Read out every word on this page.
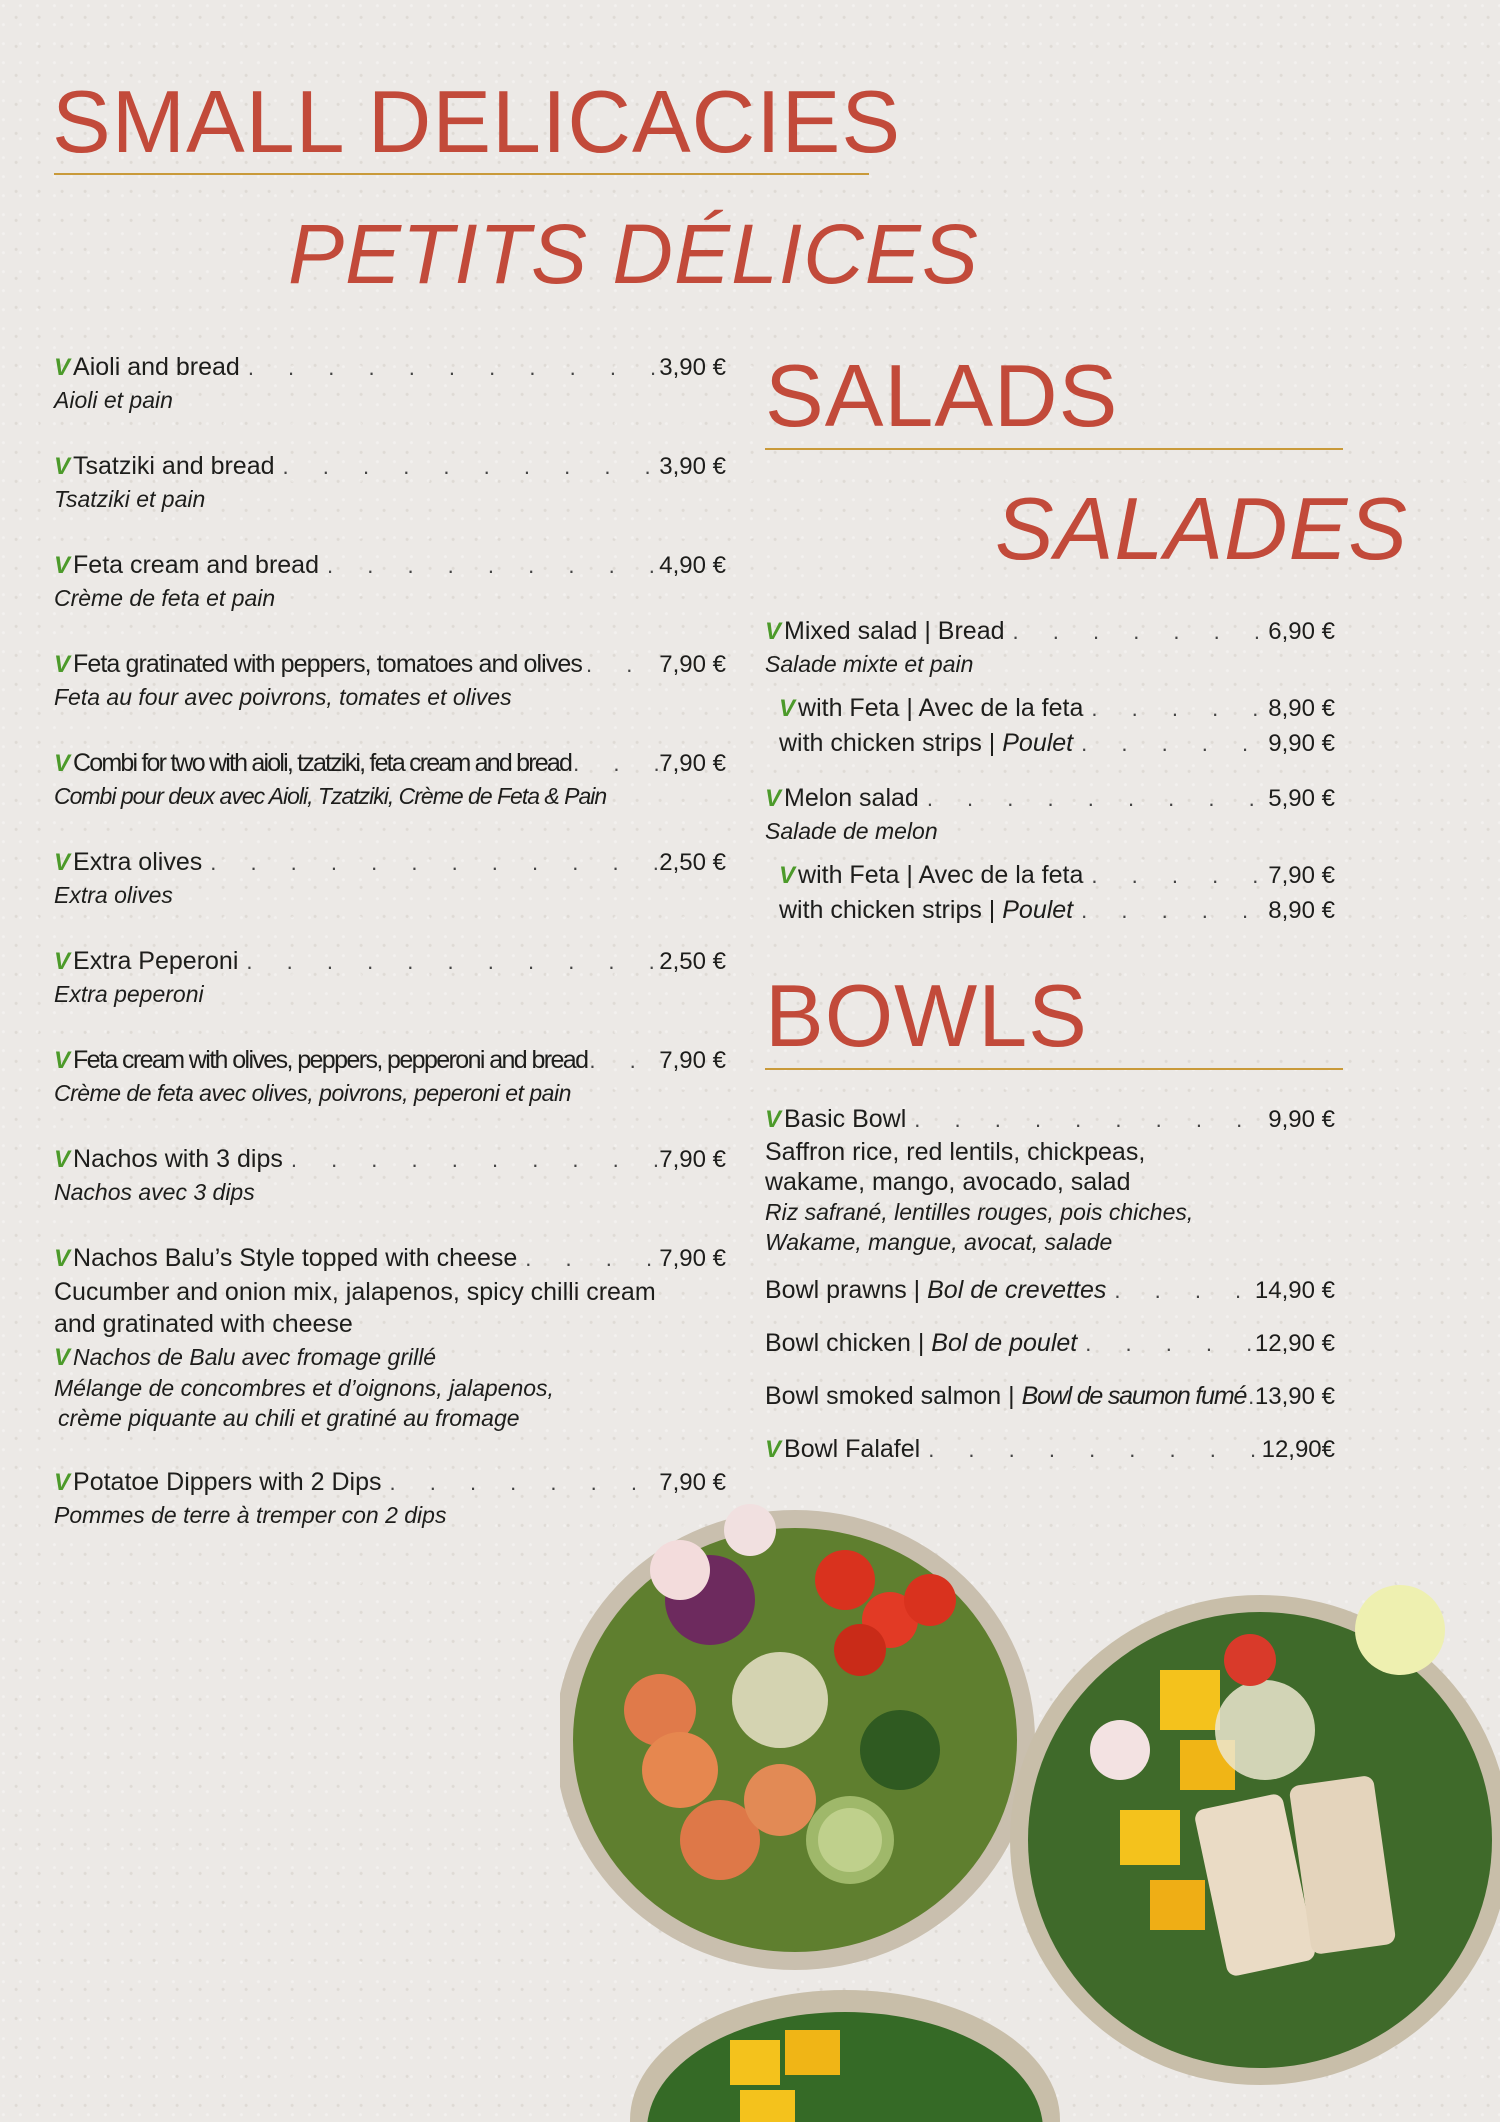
SMALL DELICACIES
PETITS DÉLICES
V Aioli and bread . . .	3,90 €

Aioli et pain

V Tsatziki and bread . . .	3,90 €

Tsatziki et pain

V Feta cream and bread . . .	4,90 €

Crème de feta et pain

V Feta gratinated with peppers, tomatoes and olives . . .	7,90 €

Feta au four avec poivrons, tomates et olives

V Combi for two with aioli, tzatziki, feta cream and bread . . .	7,90 €

Combi pour deux avec Aioli, Tzatziki, Crème de Feta & Pain

V Extra olives . . .	2,50 €

Extra olives

V Extra Peperoni . . .	2,50 €

Extra peperoni

V Feta cream with olives, peppers, pepperoni and bread . . .	7,90 €

Crème de feta avec olives, poivrons, peperoni et pain

V Nachos with 3 dips . . .	7,90 €

Nachos avec 3 dips

V Nachos Balu’s Style topped with cheese . . .	7,90 €

Cucumber and onion mix, jalapenos, spicy chilli cream

and gratinated with cheese

V Nachos de Balu avec fromage grillé

Mélange de concombres et d’oignons, jalapenos,

crème piquante au chili et gratiné au fromage

V Potatoe Dippers with 2 Dips . . .	7,90 €

Pommes de terre à tremper con 2 dips

SALADS
SALADES
V Mixed salad | Bread . . .	6,90 €

Salade mixte et pain

V with Feta | Avec de la feta . . .	8,90 €
with chicken strips | Poulet . . .	9,90 €
V Melon salad . . .	5,90 €

Salade de melon

V with Feta | Avec de la feta . . .	7,90 €
with chicken strips | Poulet . . .	8,90 €
BOWLS
V Basic Bowl . . .	9,90 €

Saffron rice, red lentils, chickpeas,

wakame, mango, avocado, salad

Riz safrané, lentilles rouges, pois chiches,

Wakame, mangue, avocat, salade

Bowl prawns | Bol de crevettes . . .	14,90 €
Bowl chicken | Bol de poulet . . .	12,90 €
Bowl smoked salmon | Bowl de saumon fumé . . . 13,90 €
V Bowl Falafel . . .	12,90€
